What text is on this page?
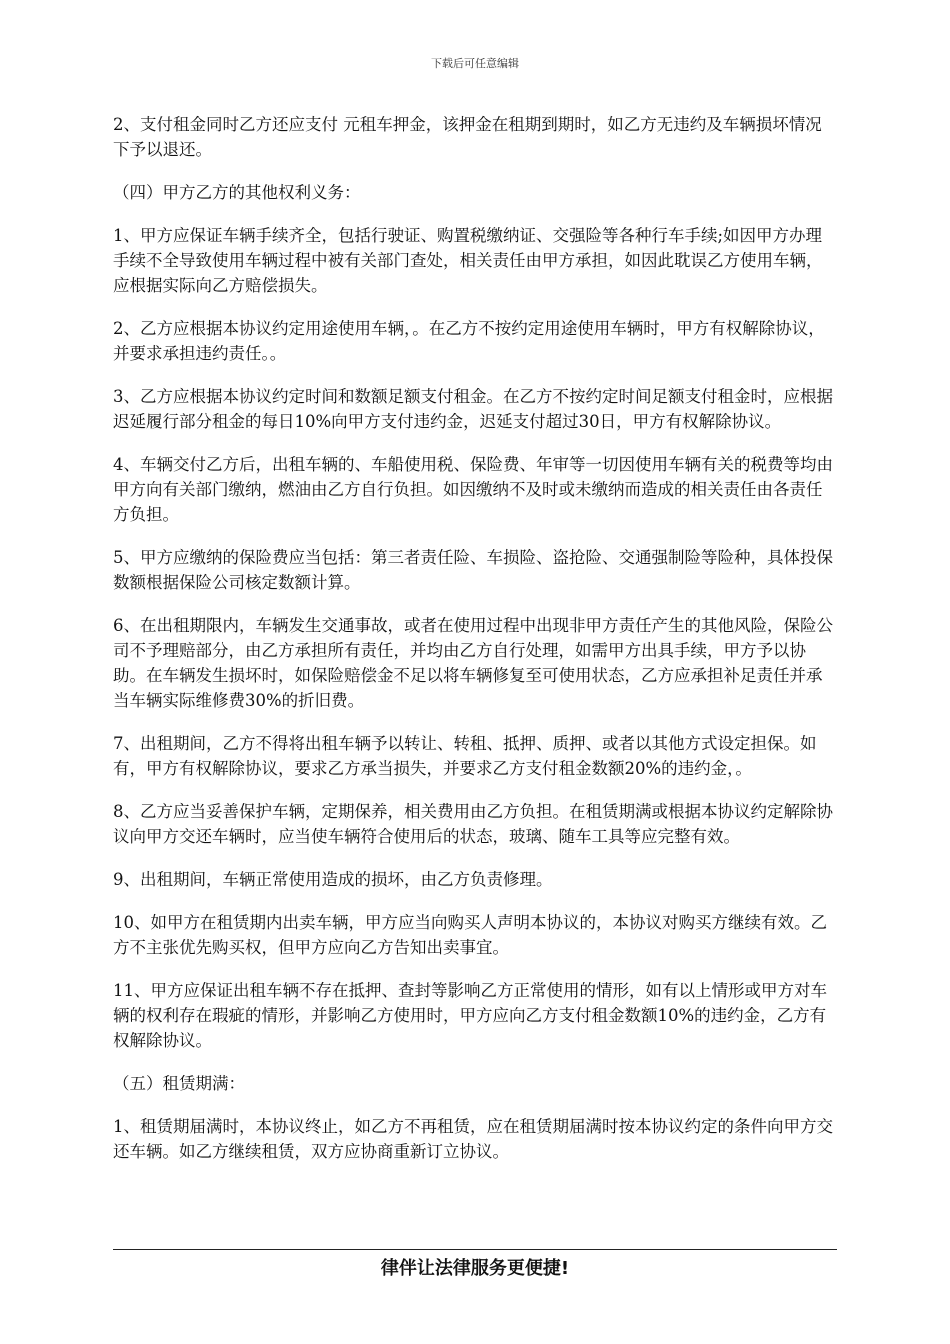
下载后可任意编辑

2、支付租金同时乙方还应支付 元租车押金，该押金在租期到期时，如乙方无违约及车辆损坏情况下予以退还。

（四）甲方乙方的其他权利义务：

1、甲方应保证车辆手续齐全，包括行驶证、购置税缴纳证、交强险等各种行车手续;如因甲方办理手续不全导致使用车辆过程中被有关部门查处，相关责任由甲方承担，如因此耽误乙方使用车辆，应根据实际向乙方赔偿损失。

2、乙方应根据本协议约定用途使用车辆，。在乙方不按约定用途使用车辆时，甲方有权解除协议，并要求承担违约责任。。

3、乙方应根据本协议约定时间和数额足额支付租金。在乙方不按约定时间足额支付租金时，应根据迟延履行部分租金的每日10%向甲方支付违约金，迟延支付超过30日，甲方有权解除协议。

4、车辆交付乙方后，出租车辆的、车船使用税、保险费、年审等一切因使用车辆有关的税费等均由甲方向有关部门缴纳，燃油由乙方自行负担。如因缴纳不及时或未缴纳而造成的相关责任由各责任方负担。

5、甲方应缴纳的保险费应当包括：第三者责任险、车损险、盗抢险、交通强制险等险种，具体投保数额根据保险公司核定数额计算。

6、在出租期限内，车辆发生交通事故，或者在使用过程中出现非甲方责任产生的其他风险，保险公司不予理赔部分，由乙方承担所有责任，并均由乙方自行处理，如需甲方出具手续，甲方予以协助。在车辆发生损坏时，如保险赔偿金不足以将车辆修复至可使用状态，乙方应承担补足责任并承当车辆实际维修费30%的折旧费。

7、出租期间，乙方不得将出租车辆予以转让、转租、抵押、质押、或者以其他方式设定担保。如有，甲方有权解除协议，要求乙方承当损失，并要求乙方支付租金数额20%的违约金，。

8、乙方应当妥善保护车辆，定期保养，相关费用由乙方负担。在租赁期满或根据本协议约定解除协议向甲方交还车辆时，应当使车辆符合使用后的状态，玻璃、随车工具等应完整有效。

9、出租期间，车辆正常使用造成的损坏，由乙方负责修理。

10、如甲方在租赁期内出卖车辆，甲方应当向购买人声明本协议的，本协议对购买方继续有效。乙方不主张优先购买权，但甲方应向乙方告知出卖事宜。

11、甲方应保证出租车辆不存在抵押、查封等影响乙方正常使用的情形，如有以上情形或甲方对车辆的权利存在瑕疵的情形，并影响乙方使用时，甲方应向乙方支付租金数额10%的违约金，乙方有权解除协议。

（五）租赁期满：

1、租赁期届满时，本协议终止，如乙方不再租赁，应在租赁期届满时按本协议约定的条件向甲方交还车辆。如乙方继续租赁，双方应协商重新订立协议。

律伴让法律服务更便捷!
